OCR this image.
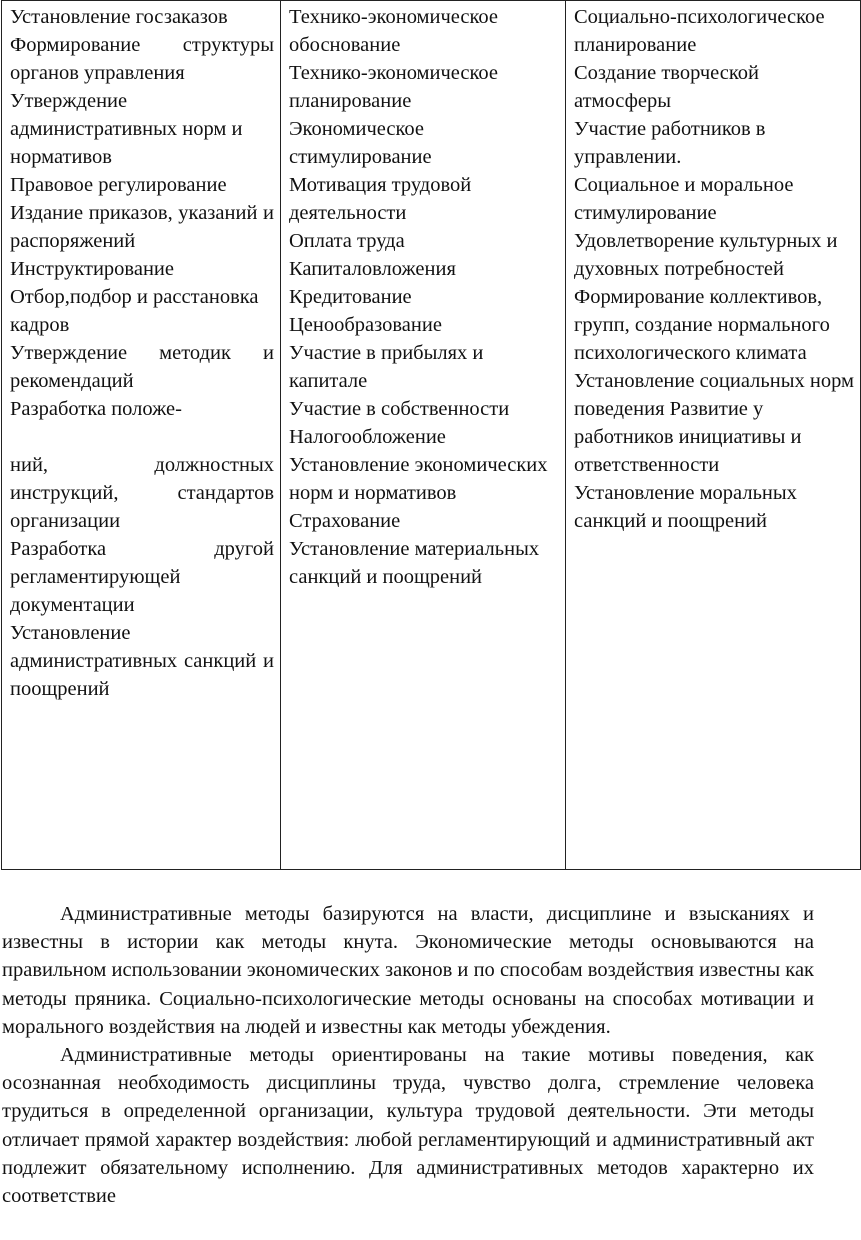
Установление госзаказов
Формирование структуры органов управления
Утверждение административных норм и нормативов
Правовое регулирование
Издание приказов, указаний и распоряжений
Инструктирование
Отбор,подбор и расстановка кадров
Утверждение методик и рекомендаций
Разработка положе-
ний, должностных инструкций, стандартов организации
Разработка другой регламентирующей документации
Установление административных санкций и поощрений

Технико-экономическое обоснование
Технико-экономическое планирование
Экономическое стимулирование
Мотивация трудовой деятельности
Оплата труда
Капиталовложения
Кредитование
Ценообразование
Участие в прибылях и капитале
Участие в собственности
Налогообложение
Установление экономических норм и нормативов
Страхование
Установление материальных санкций и поощрений

Социально-психологическое планирование
Создание творческой атмосферы
Участие работников в управлении.
Социальное и моральное стимулирование
Удовлетворение культурных и духовных потребностей
Формирование коллективов, групп, создание нормального психологического климата
Установление социальных норм поведения Развитие у работников инициативы и ответственности
Установление моральных санкций и поощрений

Административные методы базируются на власти, дисциплине и взысканиях и известны в истории как методы кнута. Экономические методы основываются на правильном использовании экономических законов и по способам воздействия известны как методы пряника. Социально-психологические методы основаны на способах мотивации и морального воздействия на людей и известны как методы убеждения.

Административные методы ориентированы на такие мотивы поведения, как осознанная необходимость дисциплины труда, чувство долга, стремление человека трудиться в определенной организации, культура трудовой деятельности. Эти методы отличает прямой характер воздействия: любой регламентирующий и административный акт подлежит обязательному исполнению. Для административных методов характерно их соответствие
